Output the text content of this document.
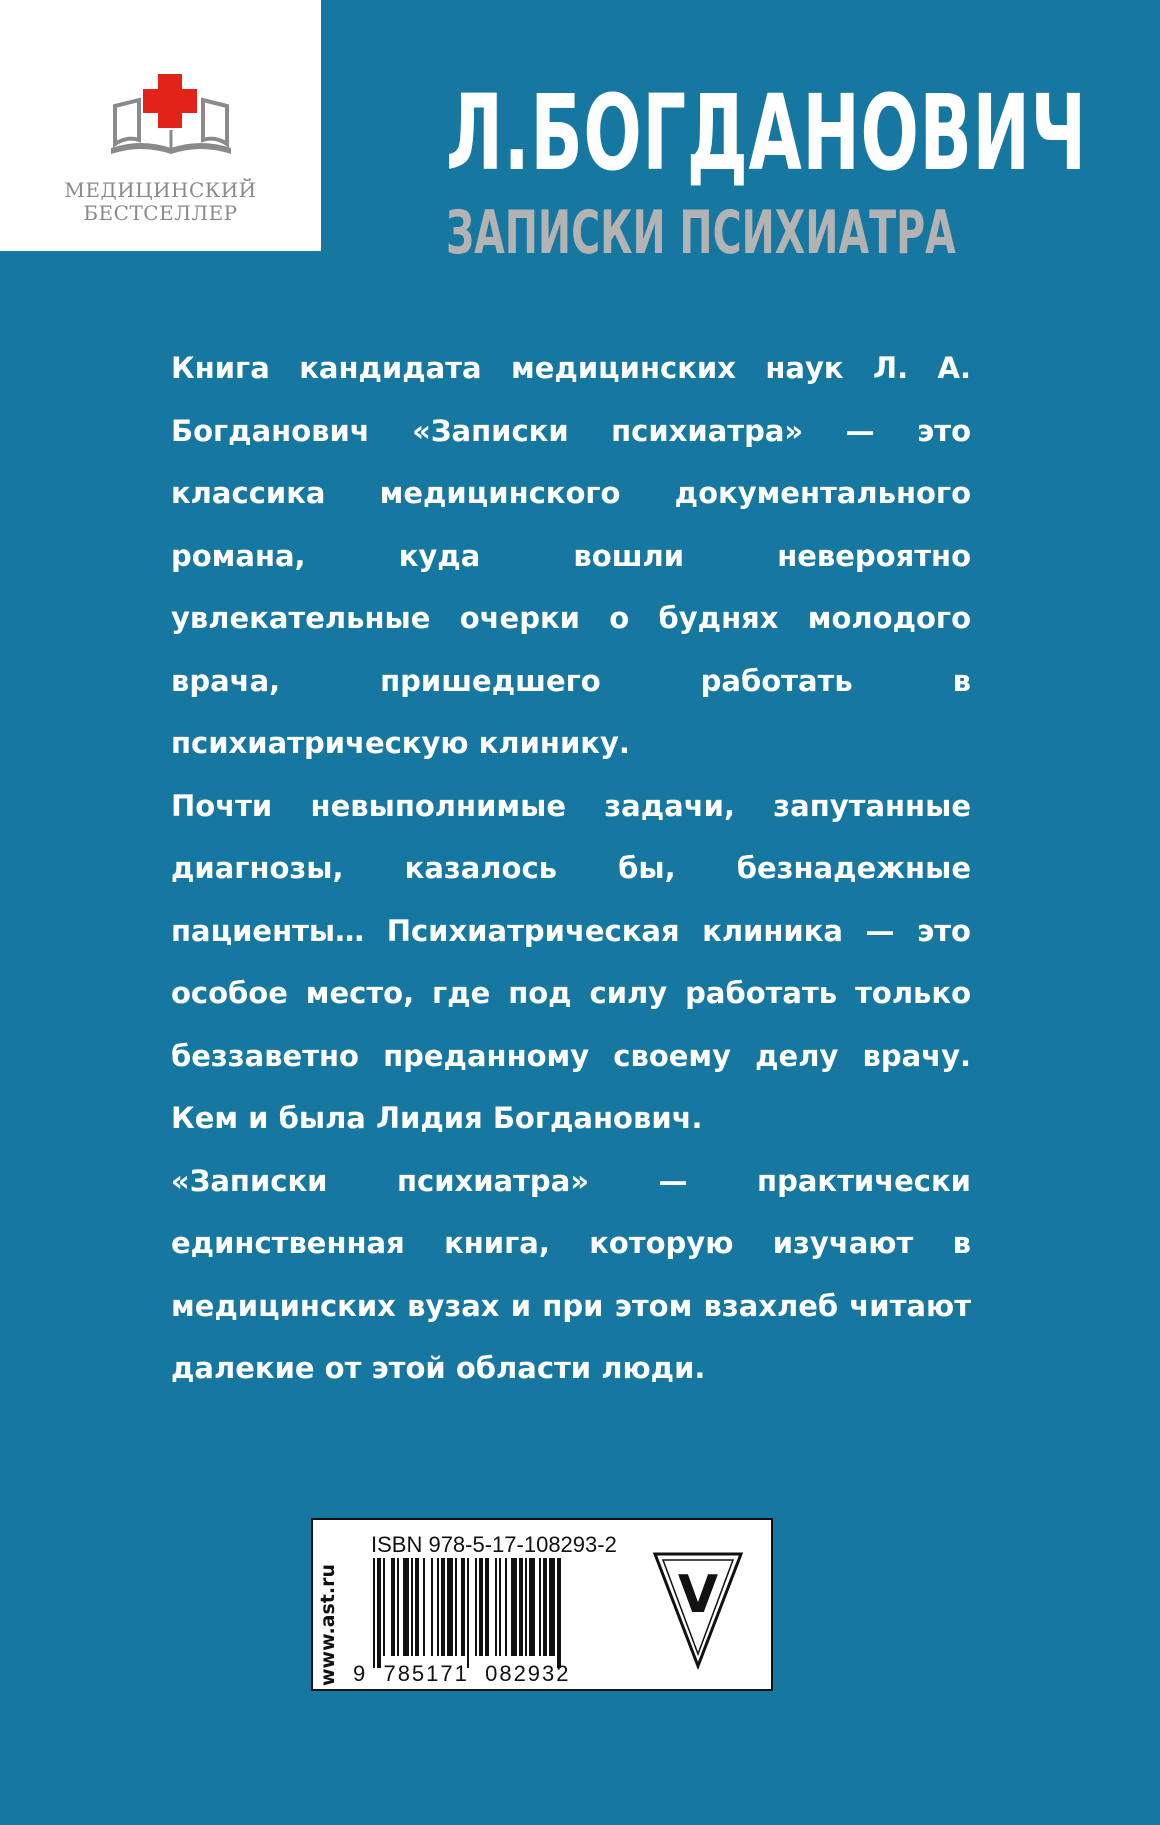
МЕДИЦИНСКИЙ
БЕСТСЕЛЛЕР
Л.БОГДАНОВИЧ
ЗАПИСКИ ПСИХИАТРА

Книга кандидата медицинских наук Л. А. Богданович «Записки психиатра» — это классика медицинского документального романа, куда вошли невероятно увлекательные очерки о буднях молодого врача, пришедшего работать в психиатрическую клинику.

Почти невыполнимые задачи, запутанные диагнозы, казалось бы, безнадежные пациенты… Психиатрическая клиника — это особое место, где под силу работать только беззаветно преданному своему делу врачу. Кем и была Лидия Богданович.

«Записки психиатра» — практически единственная книга, которую изучают в медицинских вузах и при этом взахлеб читают далекие от этой области люди.

www.ast.ru
ISBN 978-5-17-108293-2
9  785171  082932
V
